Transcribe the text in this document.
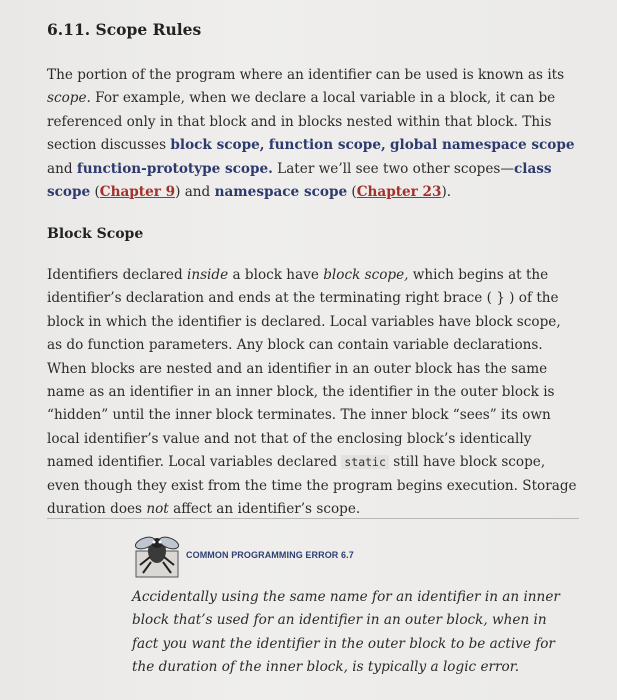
6.11. Scope Rules
The portion of the program where an identifier can be used is known as its scope. For example, when we declare a local variable in a block, it can be referenced only in that block and in blocks nested within that block. This section discusses block scope, function scope, global namespace scope and function-prototype scope. Later we’ll see two other scopes—class scope (Chapter 9) and namespace scope (Chapter 23).
Block Scope
Identifiers declared inside a block have block scope, which begins at the identifier’s declaration and ends at the terminating right brace ( } ) of the block in which the identifier is declared. Local variables have block scope, as do function parameters. Any block can contain variable declarations. When blocks are nested and an identifier in an outer block has the same name as an identifier in an inner block, the identifier in the outer block is “hidden” until the inner block terminates. The inner block “sees” its own local identifier’s value and not that of the enclosing block’s identically named identifier. Local variables declared static still have block scope, even though they exist from the time the program begins execution. Storage duration does not affect an identifier’s scope.
COMMON PROGRAMMING ERROR 6.7
Accidentally using the same name for an identifier in an inner block that’s used for an identifier in an outer block, when in fact you want the identifier in the outer block to be active for the duration of the inner block, is typically a logic error.
